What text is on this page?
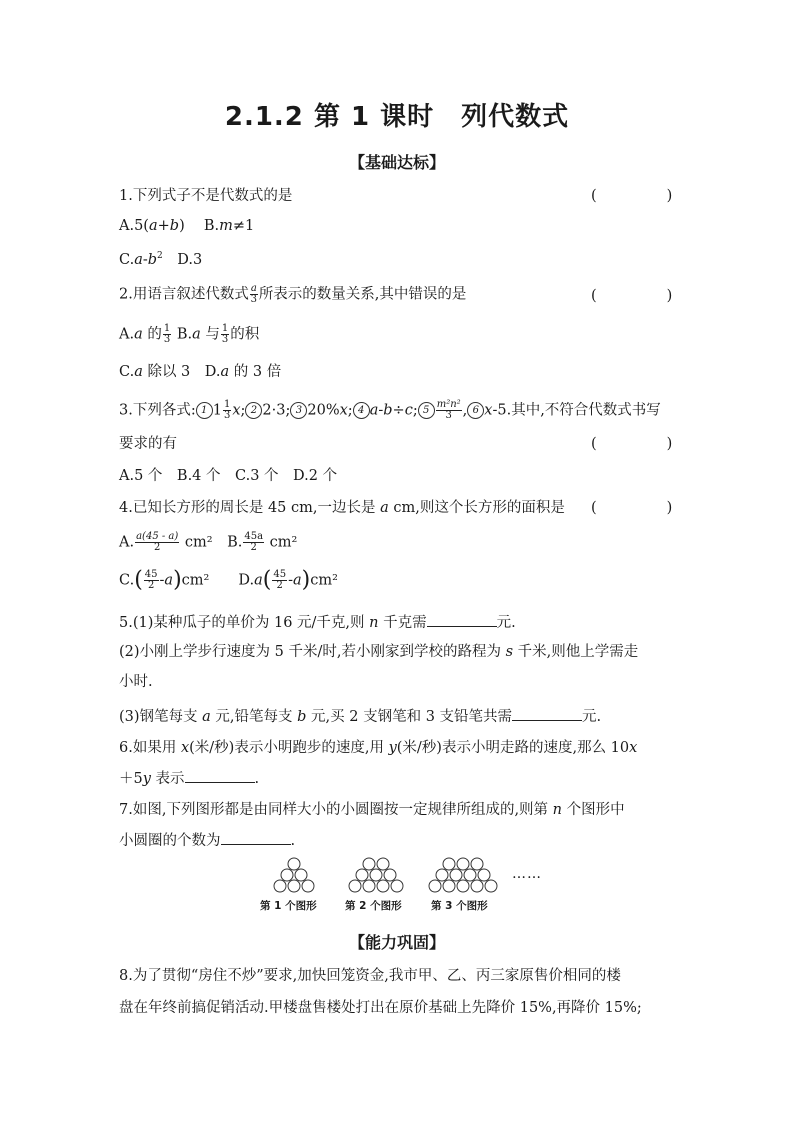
2.1.2 第 1 课时　列代数式
【基础达标】
1.下列式子不是代数式的是	(	)
A.5(a+b)　 B.m≠1
$C.a-b^2$　 D.3
2.用语言叙述代数式 $\frac{a}{3}$ 所表示的数量关系,其中错误的是	(	)
A.a 的 $\frac{1}{3} B.a$ 与 $\frac{1}{3}$ 的积
C.a 除以 3　 D.a 的 3 倍
3.下列各式: 1 $1 \frac{1}{3} x$; 2 2·3; 3 20%x; 4 a-b÷c; $5 \frac{\text{m²n²}}{3}$ , 6 x-5.其中,不符合代数式书写
要求的有	(	)
A.5 个　B.4 个　C.3 个　D.2 个
4.已知长方形的周长是 45 cm,一边长是 a cm,则这个长方形的面积是 (	)
A. $\frac{a(45 - a)}{2} cm^2$　 B. $\frac{45a}{2} cm^2$
$C.( \frac{45}{2} -a)cm^2$　　 $D.a( \frac{45}{2} -a)cm^2$
5.(1)某种瓜子的单价为 16 元/千克,则 n 千克需	元.
(2)小刚上学步行速度为 5 千米/时,若小刚家到学校的路程为 s 千米,则他上学需走
小时.
(3)钢笔每支 a 元,铅笔每支 b 元,买 2 支钢笔和 3 支铅笔共需	元.
6.如果用 x(米/秒)表示小明跑步的速度,用 y(米/秒)表示小明走路的速度,那么 10x
＋5y 表示	.
7.如图,下列图形都是由同样大小的小圆圈按一定规律所组成的,则第 n 个图形中
小圆圈的个数为	.
……
第 1 个图形	第 2 个图形	第 3 个图形
【能力巩固】
8.为了贯彻“房住不炒”要求,加快回笼资金,我市甲、乙、丙三家原售价相同的楼
盘在年终前搞促销活动.甲楼盘售楼处打出在原价基础上先降价 15%,再降价 15%;
